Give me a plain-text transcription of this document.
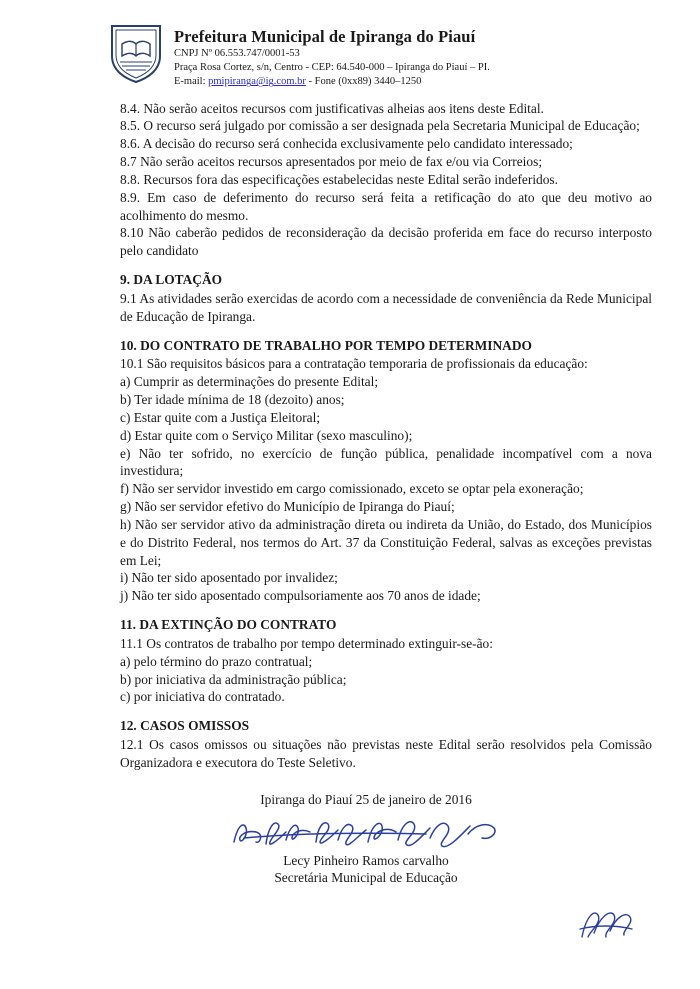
Prefeitura Municipal de Ipiranga do Piauí
CNPJ Nº 06.553.747/0001-53
Praça Rosa Cortez, s/n, Centro - CEP: 64.540-000 – Ipiranga do Piauí – PI.
E-mail: pmipiranga@ig.com.br - Fone (0xx89) 3440–1250

8.4. Não serão aceitos recursos com justificativas alheias aos itens deste Edital.

8.5. O recurso será julgado por comissão a ser designada pela Secretaria Municipal de Educação;

8.6. A decisão do recurso será conhecida exclusivamente pelo candidato interessado;

8.7 Não serão aceitos recursos apresentados por meio de fax e/ou via Correios;

8.8. Recursos fora das especificações estabelecidas neste Edital serão indeferidos.

8.9. Em caso de deferimento do recurso será feita a retificação do ato que deu motivo ao acolhimento do mesmo.

8.10 Não caberão pedidos de reconsideração da decisão proferida em face do recurso interposto pelo candidato

9. DA LOTAÇÃO

9.1 As atividades serão exercidas de acordo com a necessidade de conveniência da Rede Municipal de Educação de Ipiranga.

10. DO CONTRATO DE TRABALHO POR TEMPO DETERMINADO

10.1 São requisitos básicos para a contratação temporaria de profissionais da educação:

a) Cumprir as determinações do presente Edital;

b) Ter idade mínima de 18 (dezoito) anos;

c) Estar quite com a Justiça Eleitoral;

d) Estar quite com o Serviço Militar (sexo masculino);

e) Não ter sofrido, no exercício de função pública, penalidade incompatível com a nova investidura;

f) Não ser servidor investido em cargo comissionado, exceto se optar pela exoneração;

g) Não ser servidor efetivo do Município de Ipiranga do Piauí;

h) Não ser servidor ativo da administração direta ou indireta da União, do Estado, dos Municípios e do Distrito Federal, nos termos do Art. 37 da Constituição Federal, salvas as exceções previstas em Lei;

i) Não ter sido aposentado por invalidez;

j) Não ter sido aposentado compulsoriamente aos 70 anos de idade;

11. DA EXTINÇÃO DO CONTRATO

11.1 Os contratos de trabalho por tempo determinado extinguir-se-ão:

a) pelo término do prazo contratual;

b) por iniciativa da administração pública;

c) por iniciativa do contratado.

12. CASOS OMISSOS

12.1 Os casos omissos ou situações não previstas neste Edital serão resolvidos pela Comissão Organizadora e executora do Teste Seletivo.

Ipiranga do Piauí 25 de janeiro de 2016
Lecy Pinheiro Ramos carvalho
Secretária Municipal de Educação
